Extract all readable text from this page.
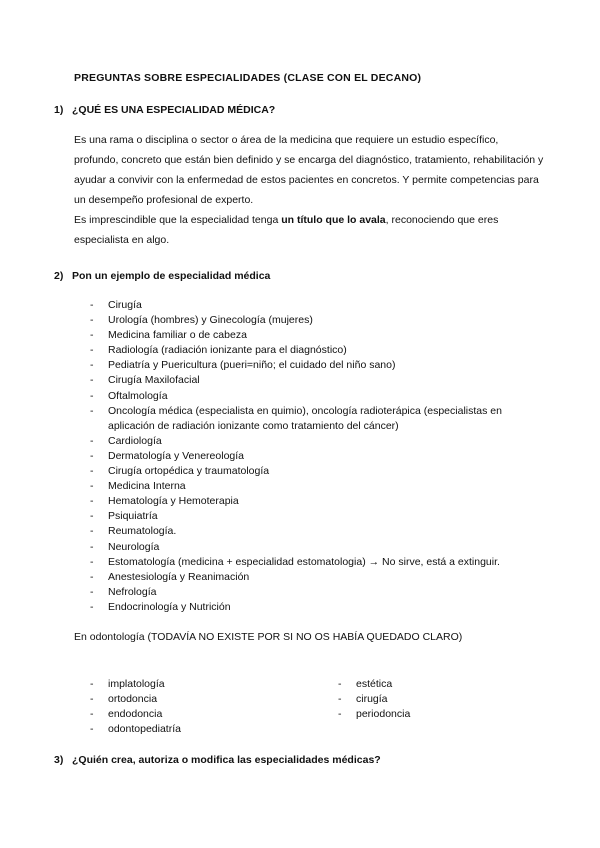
PREGUNTAS SOBRE ESPECIALIDADES (CLASE CON EL DECANO)
1) ¿QUÉ ES UNA ESPECIALIDAD MÉDICA?

Es una rama o disciplina o sector o área de la medicina que requiere un estudio específico, profundo, concreto que están bien definido y se encarga del diagnóstico, tratamiento, rehabilitación y ayudar a convivir con la enfermedad de estos pacientes en concretos. Y permite competencias para un desempeño profesional de experto.

Es imprescindible que la especialidad tenga un título que lo avala, reconociendo que eres especialista en algo.

2) Pon un ejemplo de especialidad médica
- Cirugía
- Urología (hombres) y Ginecología (mujeres)
- Medicina familiar o de cabeza
- Radiología (radiación ionizante para el diagnóstico)
- Pediatría y Puericultura (pueri=niño; el cuidado del niño sano)
- Cirugía Maxilofacial
- Oftalmología
- Oncología médica (especialista en quimio), oncología radioterápica (especialistas en aplicación de radiación ionizante como tratamiento del cáncer)
- Cardiología
- Dermatología y Venereología
- Cirugía ortopédica y traumatología
- Medicina Interna
- Hematología y Hemoterapia
- Psiquiatría
- Reumatología.
- Neurología
- Estomatología (medicina + especialidad estomatologia) → No sirve, está a extinguir.
- Anestesiología y Reanimación
- Nefrología
- Endocrinología y Nutrición
En odontología (TODAVÍA NO EXISTE POR SI NO OS HABÍA QUEDADO CLARO)
- implatología
- ortodoncia
- endodoncia
- odontopediatría
- estética
- cirugía
- periodoncia
3) ¿Quién crea, autoriza o modifica las especialidades médicas?
